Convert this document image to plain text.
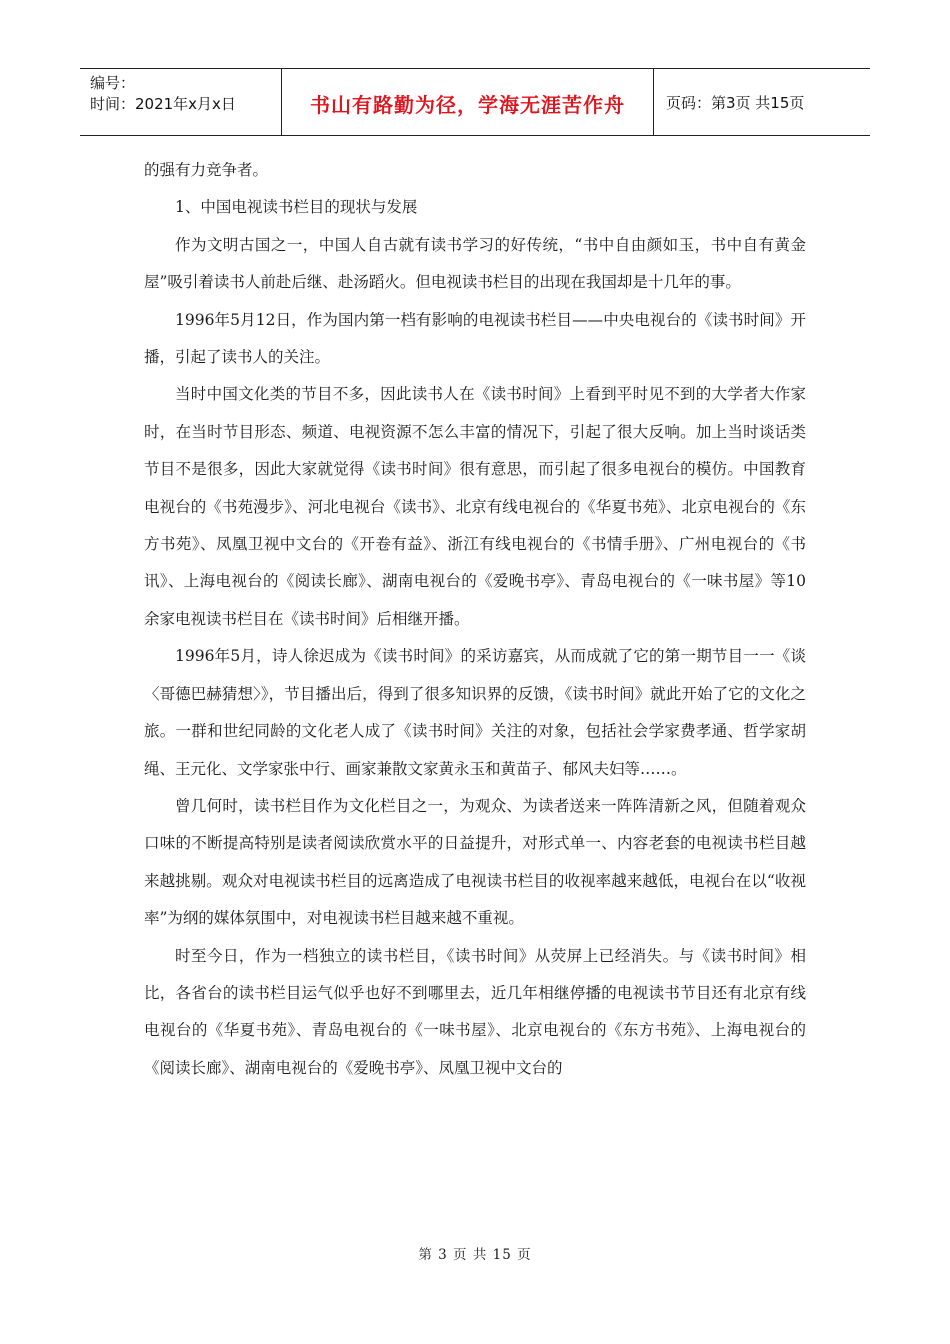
编号：
时间：2021年x月x日	书山有路勤为径，学海无涯苦作舟	页码：第3页 共15页

的强有力竞争者。

1、中国电视读书栏目的现状与发展

作为文明古国之一，中国人自古就有读书学习的好传统，“书中自由颜如玉，书中自有黄金屋”吸引着读书人前赴后继、赴汤蹈火。但电视读书栏目的出现在我国却是十几年的事。

1996年5月12日，作为国内第一档有影响的电视读书栏目——中央电视台的《读书时间》开播，引起了读书人的关注。

当时中国文化类的节目不多，因此读书人在《读书时间》上看到平时见不到的大学者大作家时，在当时节目形态、频道、电视资源不怎么丰富的情况下，引起了很大反响。加上当时谈话类节目不是很多，因此大家就觉得《读书时间》很有意思，而引起了很多电视台的模仿。中国教育电视台的《书苑漫步》、河北电视台《读书》、北京有线电视台的《华夏书苑》、北京电视台的《东方书苑》、凤凰卫视中文台的《开卷有益》、浙江有线电视台的《书情手册》、广州电视台的《书讯》、上海电视台的《阅读长廊》、湖南电视台的《爱晚书亭》、青岛电视台的《一味书屋》等10余家电视读书栏目在《读书时间》后相继开播。

1996年5月，诗人徐迟成为《读书时间》的采访嘉宾，从而成就了它的第一期节目一一《谈〈哥德巴赫猜想〉》，节目播出后，得到了很多知识界的反馈，《读书时间》就此开始了它的文化之旅。一群和世纪同龄的文化老人成了《读书时间》关注的对象，包括社会学家费孝通、哲学家胡绳、王元化、文学家张中行、画家兼散文家黄永玉和黄苗子、郁风夫妇等……。

曾几何时，读书栏目作为文化栏目之一，为观众、为读者送来一阵阵清新之风，但随着观众口味的不断提高特别是读者阅读欣赏水平的日益提升，对形式单一、内容老套的电视读书栏目越来越挑剔。观众对电视读书栏目的远离造成了电视读书栏目的收视率越来越低，电视台在以“收视率”为纲的媒体氛围中，对电视读书栏目越来越不重视。

时至今日，作为一档独立的读书栏目，《读书时间》从荧屏上已经消失。与《读书时间》相比，各省台的读书栏目运气似乎也好不到哪里去，近几年相继停播的电视读书节目还有北京有线电视台的《华夏书苑》、青岛电视台的《一味书屋》、北京电视台的《东方书苑》、上海电视台的《阅读长廊》、湖南电视台的《爱晚书亭》、凤凰卫视中文台的

第 3 页 共 15 页
